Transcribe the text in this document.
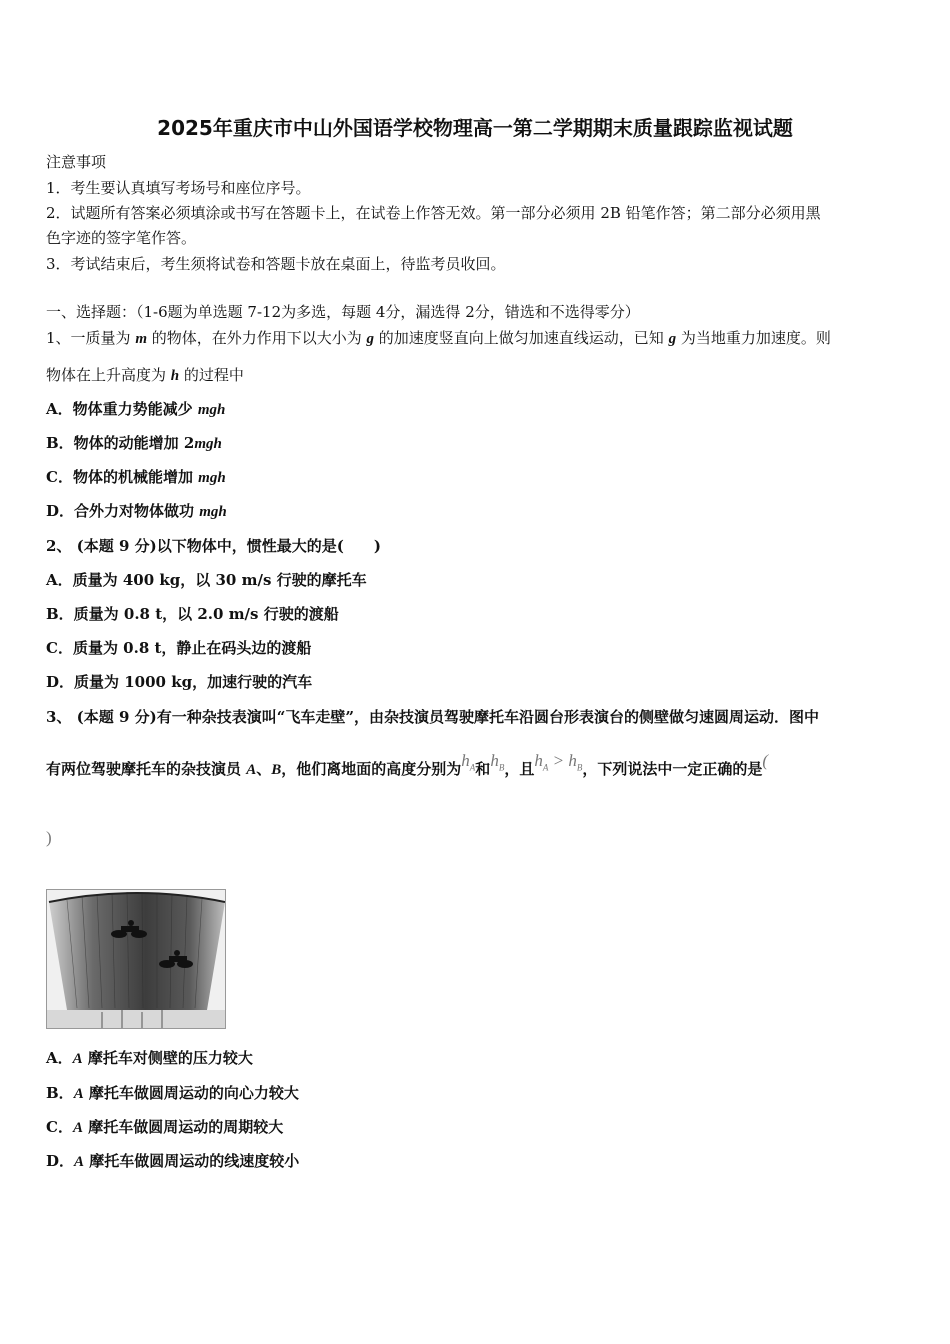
2025年重庆市中山外国语学校物理高一第二学期期末质量跟踪监视试题
注意事项
1．考生要认真填写考场号和座位序号。
2．试题所有答案必须填涂或书写在答题卡上，在试卷上作答无效。第一部分必须用 2B 铅笔作答；第二部分必须用黑
色字迹的签字笔作答。
3．考试结束后，考生须将试卷和答题卡放在桌面上，待监考员收回。
一、选择题：（1-6题为单选题 7-12为多选，每题 4分，漏选得 2分，错选和不选得零分）
1、一质量为 m 的物体，在外力作用下以大小为 g 的加速度竖直向上做匀加速直线运动，已知 g 为当地重力加速度。则
物体在上升高度为 h 的过程中
A．物体重力势能减少 mgh
B．物体的动能增加 2mgh
C．物体的机械能增加 mgh
D．合外力对物体做功 mgh
2、 (本题 9 分)以下物体中，惯性最大的是(　　)
A．质量为 400 kg，以 30 m/s 行驶的摩托车
B．质量为 0.8 t，以 2.0 m/s 行驶的渡船
C．质量为 0.8 t，静止在码头边的渡船
D．质量为 1000 kg，加速行驶的汽车
3、 (本题 9 分)有一种杂技表演叫“飞车走壁”，由杂技演员驾驶摩托车沿圆台形表演台的侧壁做匀速圆周运动．图中
有两位驾驶摩托车的杂技演员 A、B，他们离地面的高度分别为$h_A$和$h_B$，且$h_A > h_B$，下列说法中一定正确的是(
)
A．A 摩托车对侧壁的压力较大
B．A 摩托车做圆周运动的向心力较大
C．A 摩托车做圆周运动的周期较大
D．A 摩托车做圆周运动的线速度较小
